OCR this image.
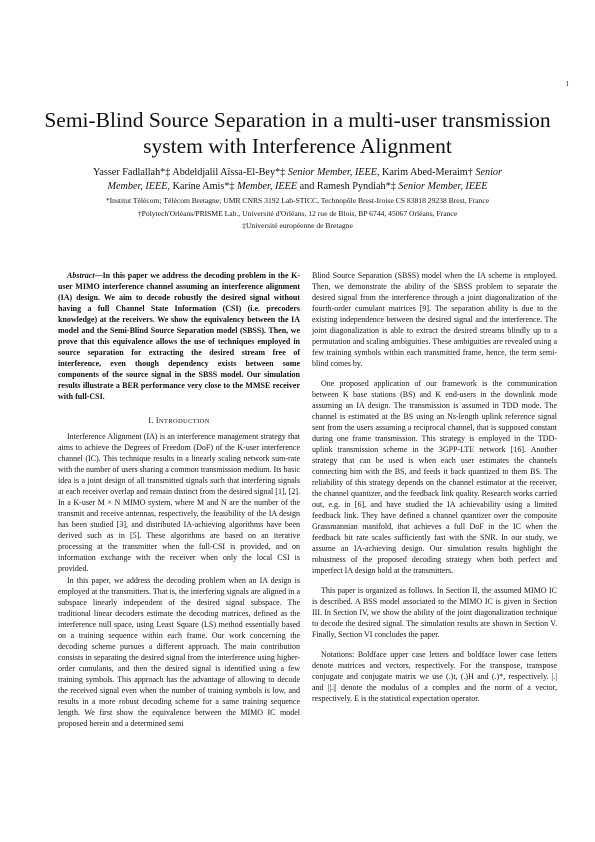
1
Semi-Blind Source Separation in a multi-user transmission system with Interference Alignment
Yasser Fadlallah*‡ Abdeldjalil Aïssa-El-Bey*‡ Senior Member, IEEE, Karim Abed-Meraim† Senior
Member, IEEE, Karine Amis*‡ Member, IEEE and Ramesh Pyndiah*‡ Senior Member, IEEE
*Institut Télécom; Télécom Bretagne; UMR CNRS 3192 Lab-STICC, Technopôle Brest-Iroise CS 83818 29238 Brest, France
†Polytech'Orléans/PRISME Lab., Université d'Orléans, 12 rue de Blois, BP 6744, 45067 Orléans, France
‡Université européenne de Bretagne

Abstract—In this paper we address the decoding problem in the K-user MIMO interference channel assuming an interference alignment (IA) design. We aim to decode robustly the desired signal without having a full Channel State Information (CSI) (i.e. precoders knowledge) at the receivers. We show the equivalency between the IA model and the Semi-Blind Source Separation model (SBSS). Then, we prove that this equivalence allows the use of techniques employed in source separation for extracting the desired stream free of interference, even though dependency exists between some components of the source signal in the SBSS model. Our simulation results illustrate a BER performance very close to the MMSE receiver with full-CSI.

I. INTRODUCTION

Interference Alignment (IA) is an interference management strategy that aims to achieve the Degrees of Freedom (DoF) of the K-user interference channel (IC). This technique results in a linearly scaling network sum-rate with the number of users sharing a common transmission medium. Its basic idea is a joint design of all transmitted signals such that interfering signals at each receiver overlap and remain distinct from the desired signal [1], [2]. In a K-user M × N MIMO system, where M and N are the number of the transmit and receive antennas, respectively, the feasibility of the IA design has been studied [3], and distributed IA-achieving algorithms have been derived such as in [5]. These algorithms are based on an iterative processing at the transmitter when the full-CSI is provided, and on information exchange with the receiver when only the local CSI is provided.

In this paper, we address the decoding problem when an IA design is employed at the transmitters. That is, the interfering signals are aligned in a subspace linearly independent of the desired signal subspace. The traditional linear decoders estimate the decoding matrices, defined as the interference null space, using Least Square (LS) method essentially based on a training sequence within each frame. Our work concerning the decoding scheme pursues a different approach. The main contribution consists in separating the desired signal from the interference using higher-order cumulants, and then the desired signal is identified using a few training symbols. This approach has the advantage of allowing to decode the received signal even when the number of training symbols is low, and results in a more robust decoding scheme for a same training sequence length. We first show the equivalence between the MIMO IC model proposed herein and a determined semi

Blind Source Separation (SBSS) model when the IA scheme is employed. Then, we demonstrate the ability of the SBSS problem to separate the desired signal from the interference through a joint diagonalization of the fourth-order cumulant matrices [9]. The separation ability is due to the existing independence between the desired signal and the interference. The joint diagonalization is able to extract the desired streams blindly up to a permutation and scaling ambiguities. These ambiguities are revealed using a few training symbols within each transmitted frame, hence, the term semi-blind comes by.

One proposed application of our framework is the communication between K base stations (BS) and K end-users in the downlink mode assuming an IA design. The transmission is assumed in TDD mode. The channel is estimated at the BS using an Ns-length uplink reference signal sent from the users assuming a reciprocal channel, that is supposed constant during one frame transmission. This strategy is employed in the TDD-uplink transmission scheme in the 3GPP-LTE network [16]. Another strategy that can be used is when each user estimates the channels connecting him with the BS, and feeds it back quantized to them BS. The reliability of this strategy depends on the channel estimator at the receiver, the channel quantizer, and the feedback link quality. Research works carried out, e.g. in [6], and have studied the IA achievability using a limited feedback link. They have defined a channel quantizer over the composite Grassmannian manifold, that achieves a full DoF in the IC when the feedback bit rate scales sufficiently fast with the SNR. In our study, we assume an IA-achieving design. Our simulation results highlight the robustness of the proposed decoding strategy when both perfect and imperfect IA design hold at the transmitters.

This paper is organized as follows. In Section II, the assumed MIMO IC is described. A BSS model associated to the MIMO IC is given in Section III. In Section IV, we show the ability of the joint diagonalization technique to decode the desired signal. The simulation results are shown in Section V. Finally, Section VI concludes the paper.

Notations: Boldface upper case letters and boldface lower case letters denote matrices and vectors, respectively. For the transpose, transpose conjugate and conjugate matrix we use (.)t, (.)H and (.)*, respectively. |.| and ||.|| denote the modulus of a complex and the norm of a vector, respectively. E is the statistical expectation operator.
